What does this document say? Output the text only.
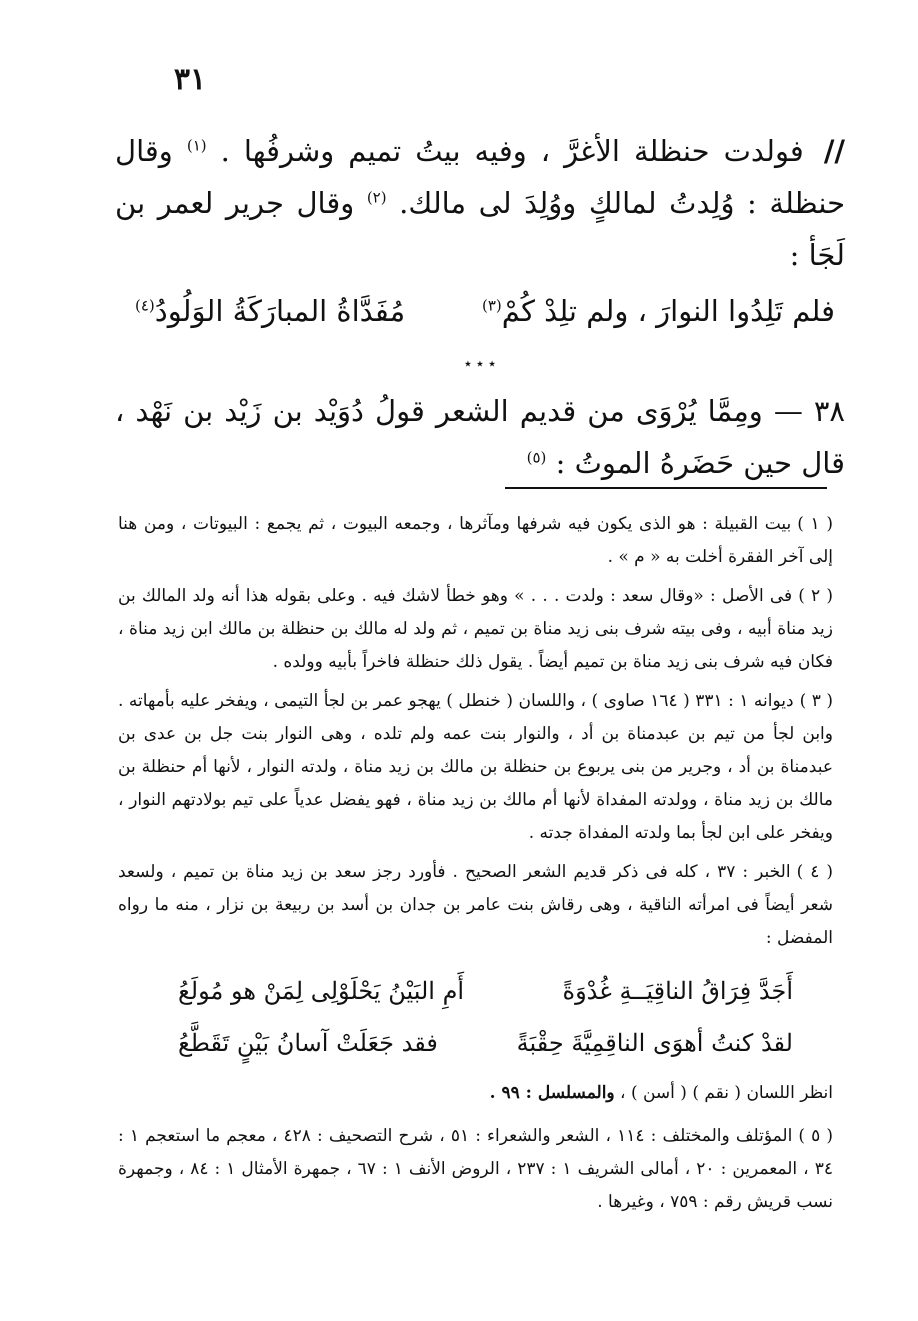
٣١

// فولدت حنظلة الأغرَّ ، وفيه بيتُ تميم وشرفُها . $^{(١)}$ وقال حنظلة : وُلِدتُ لمالكٍ ووُلِدَ لى مالك. $^{(٢)}$ وقال جرير لعمر بن لَجَأ :

فلم تَلِدُوا النوارَ ، ولم تلِدْ كُمْ$^{(٣)}$
مُفَدَّاةُ المبارَكَةُ الوَلُودُ$^{(٤)}$
٭ ٭ ٭

٣٨ — ومِمَّا يُرْوَى من قديم الشعر قولُ دُوَيْد بن زَيْد بن نَهْد ، قال حين حَضَرهُ الموتُ : $^{(٥)}$

( ١ )بيت القبيلة : هو الذى يكون فيه شرفها ومآثرها ، وجمعه البيوت ، ثم يجمع : البيوتات ، ومن هنا إلى آخر الفقرة أخلت به « م » .

( ٢ )فى الأصل : «وقال سعد : ولدت . . . » وهو خطأ لاشك فيه . وعلى بقوله هذا أنه ولد المالك بن زيد مناة أبيه ، وفى بيته شرف بنى زيد مناة بن تميم ، ثم ولد له مالك بن حنظلة بن مالك ابن زيد مناة ، فكان فيه شرف بنى زيد مناة بن تميم أيضاً . يقول ذلك حنظلة فاخراً بأبيه وولده .

( ٣ )ديوانه ١ : ٣٣١ ( ١٦٤ صاوى ) ، واللسان ( خنطل ) يهجو عمر بن لجأ التيمى ، ويفخر عليه بأمهاته . وابن لجأ من تيم بن عبدمناة بن أد ، والنوار بنت عمه ولم تلده ، وهى النوار بنت جل بن عدى بن عبدمناة بن أد ، وجرير من بنى يربوع بن حنظلة بن مالك بن زيد مناة ، ولدته النوار ، لأنها أم حنظلة بن مالك بن زيد مناة ، وولدته المفداة لأنها أم مالك بن زيد مناة ، فهو يفضل عدياً على تيم بولادتهم النوار ، ويفخر على ابن لجأ بما ولدته المفداة جدته .

( ٤ )الخبر : ٣٧ ، كله فى ذكر قديم الشعر الصحيح . فأورد رجز سعد بن زيد مناة بن تميم ، ولسعد شعر أيضاً فى امرأته الناقية ، وهى رقاش بنت عامر بن جدان بن أسد بن ربيعة بن نزار ، منه ما رواه المفضل :

أَجَدَّ فِرَاقُ الناقِيَــةِ غُدْوَةً
أَمِ البَيْنُ يَحْلَوْلِى لِمَنْ هو مُولَعُ
لقدْ كنتُ أهوَى الناقِمِيَّةَ حِقْبَةً
فقد جَعَلَتْ آسانُ بَيْنٍ تَقَطَّعُ

انظر اللسان ( نقم ) ( أسن ) ، والمسلسل : ٩٩ .

( ٥ )المؤتلف والمختلف : ١١٤ ، الشعر والشعراء : ٥١ ، شرح التصحيف : ٤٢٨ ، معجم ما استعجم ١ : ٣٤ ، المعمرين : ٢٠ ، أمالى الشريف ١ : ٢٣٧ ، الروض الأنف ١ : ٦٧ ، جمهرة الأمثال ١ : ٨٤ ، وجمهرة نسب قريش رقم : ٧٥٩ ، وغيرها .
